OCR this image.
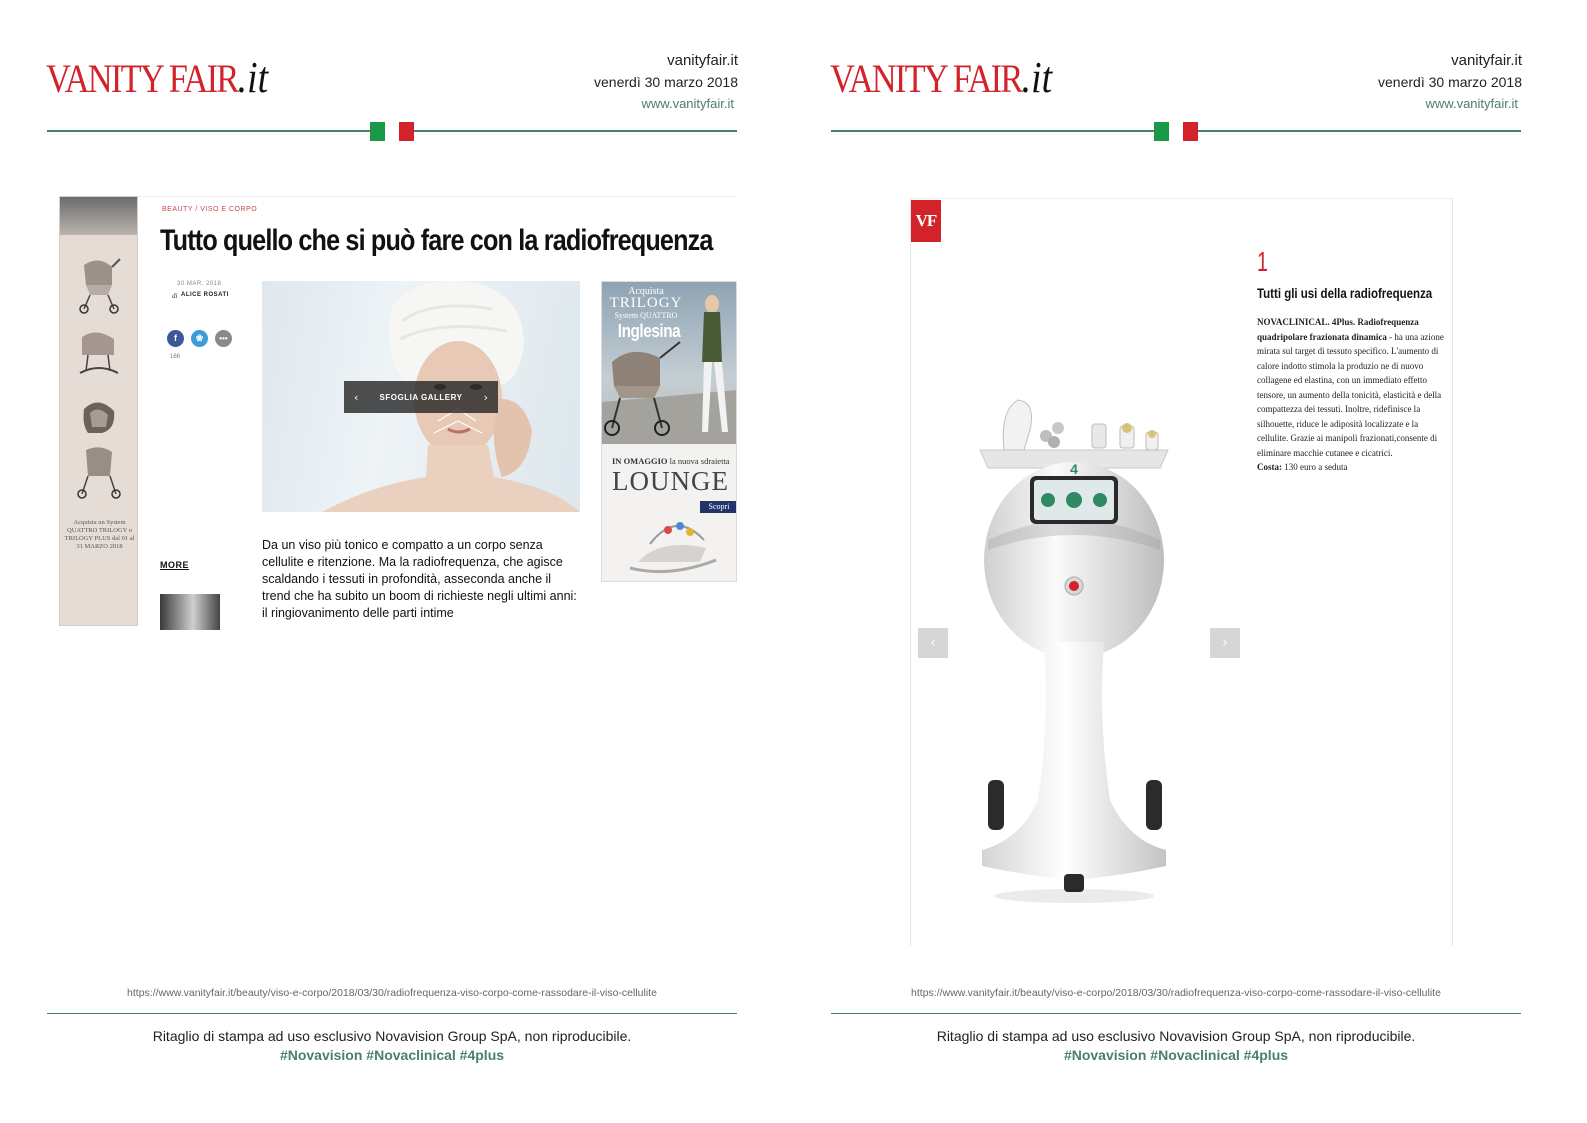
VANITY FAIR.it	vanityfair.it
venerdì 30 marzo 2018
www.vanityfair.it
https://www.vanityfair.it/beauty/viso-e-corpo/2018/03/30/radiofrequenza-viso-corpo-come-rassodare-il-viso-cellulite
Ritaglio di stampa ad uso esclusivo Novavision Group SpA, non riproducibile.
#Novavision #Novaclinical #4plus
Acquista un System QUATTRO TRILOGY o TRILOGY PLUS dal 01 al 31 MARZO 2018
BEAUTY / VISO E CORPO
Tutto quello che si può fare con la radiofrequenza
30 MAR, 2018
di ALICE ROSATI
f	❀	•••
166
‹	SFOGLIA GALLERY ›
Da un viso più tonico e compatto a un corpo senza cellulite e ritenzione. Ma la radiofrequenza, che agisce scaldando i tessuti in profondità, asseconda anche il trend che ha subito un boom di richieste negli ultimi anni: il ringiovanimento delle parti intime
MORE
Acquista
TRILOGY
System QUATTRO
Inglesina
IN OMAGGIO la nuova sdraietta
LOUNGE
Scopri
VANITY FAIR.it	vanityfair.it
venerdì 30 marzo 2018
www.vanityfair.it
https://www.vanityfair.it/beauty/viso-e-corpo/2018/03/30/radiofrequenza-viso-corpo-come-rassodare-il-viso-cellulite
Ritaglio di stampa ad uso esclusivo Novavision Group SpA, non riproducibile.
#Novavision #Novaclinical #4plus
VF
4
‹	›
1
Tutti gli usi della radiofrequenza
NOVACLINICAL. 4Plus. Radiofrequenza quadripolare frazionata dinamica - ha una azione mirata sul target di tessuto specifico. L'aumento di calore indotto stimola la produzio ne di nuovo collagene ed elastina, con un immediato effetto tensore, un aumento della tonicità, elasticità e della compattezza dei tessuti. Inoltre, ridefinisce la silhouette, riduce le adiposità localizzate e la
cellulite. Grazie ai manipoli frazionati,consente di eliminare macchie cutanee e cicatrici.
Costa: 130 euro a seduta
